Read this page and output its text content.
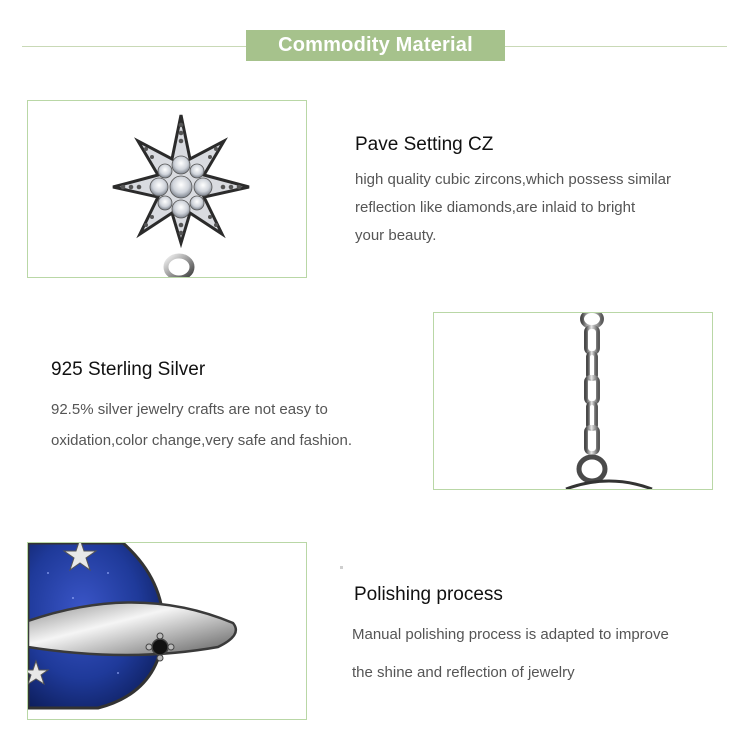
Commodity Material
Pave Setting CZ
high quality cubic zircons,which possess similar
reflection like diamonds,are inlaid to bright
your beauty.
925 Sterling Silver
92.5% silver jewelry crafts are not easy to
oxidation,color change,very safe and fashion.
Polishing process
Manual polishing process is adapted to improve
the shine and reflection of jewelry
